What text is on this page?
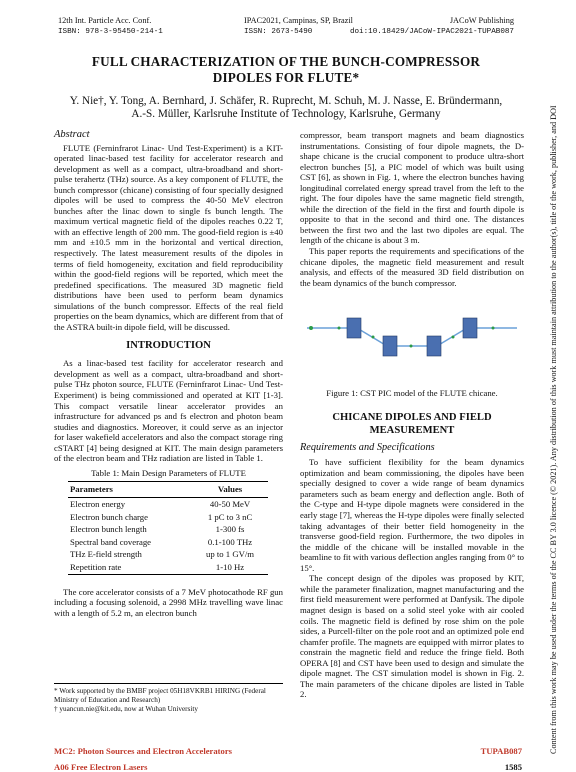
12th Int. Particle Acc. Conf.
ISBN: 978-3-95450-214-1
IPAC2021, Campinas, SP, Brazil
ISSN: 2673-5490
JACoW Publishing
doi:10.18429/JACoW-IPAC2021-TUPAB087
FULL CHARACTERIZATION OF THE BUNCH-COMPRESSOR
DIPOLES FOR FLUTE*
Y. Nie†, Y. Tong, A. Bernhard, J. Schäfer, R. Ruprecht, M. Schuh, M. J. Nasse, E. Bründermann,
A.-S. Müller, Karlsruhe Institute of Technology, Karlsruhe, Germany
Abstract

FLUTE (Ferninfrarot Linac- Und Test-Experiment) is a KIT-operated linac-based test facility for accelerator research and development as well as a compact, ultra-broadband and short-pulse terahertz (THz) source. As a key component of FLUTE, the bunch compressor (chicane) consisting of four specially designed dipoles will be used to compress the 40-50 MeV electron bunches after the linac down to single fs bunch length. The maximum vertical magnetic field of the dipoles reaches 0.22 T, with an effective length of 200 mm. The good-field region is ±40 mm and ±10.5 mm in the horizontal and vertical direction, respectively. The latest measurement results of the dipoles in terms of field homogeneity, excitation and field reproducibility within the good-field regions will be reported, which meet the predefined specifications. The measured 3D magnetic field distributions have been used to perform beam dynamics simulations of the bunch compressor. Effects of the real field properties on the beam dynamics, which are different from that of the ASTRA built-in dipole field, will be discussed.

INTRODUCTION

As a linac-based test facility for accelerator research and development as well as a compact, ultra-broadband and short-pulse THz photon source, FLUTE (Ferninfrarot Linac- Und Test-Experiment) is being commissioned and operated at KIT [1-3]. This compact versatile linear accelerator provides an infrastructure for advanced ps and fs electron and photon beam studies and diagnostics. Moreover, it could serve as an injector for laser wakefield accelerators and also the compact storage ring cSTART [4] being designed at KIT. The main design parameters of the electron beam and THz radiation are listed in Table 1.

Table 1: Main Design Parameters of FLUTE
Parameters	Values
Electron energy	40-50 MeV
Electron bunch charge	1 pC to 3 nC
Electron bunch length	1-300 fs
Spectral band coverage	0.1-100 THz
THz E-field strength	up to 1 GV/m
Repetition rate	1-10 Hz

The core accelerator consists of a 7 MeV photocathode RF gun including a focusing solenoid, a 2998 MHz travelling wave linac with a length of 5.2 m, an electron bunch

* Work supported by the BMBF project 05H18VKRB1 HIRING (Federal Ministry of Education and Research)
† yuancun.nie@kit.edu, now at Wuhan University

compressor, beam transport magnets and beam diagnostics instrumentations. Consisting of four dipole magnets, the D-shape chicane is the crucial component to produce ultra-short electron bunches [5], a PIC model of which was built using CST [6], as shown in Fig. 1, where the electron bunches having longitudinal correlated energy spread travel from the left to the right. The four dipoles have the same magnetic field strength, while the direction of the field in the first and fourth dipole is opposite to that in the second and third one. The distances between the first two and the last two dipoles are equal. The length of the chicane is about 3 m.

This paper reports the requirements and specifications of the chicane dipoles, the magnetic field measurement and result analysis, and effects of the measured 3D field distribution on the beam dynamics of the bunch compressor.

Figure 1: CST PIC model of the FLUTE chicane.
CHICANE DIPOLES AND FIELD MEASUREMENT
Requirements and Specifications

To have sufficient flexibility for the beam dynamics optimization and beam commissioning, the dipoles have been specially designed to cover a wide range of beam dynamics parameters such as beam energy and deflection angle. Both of the C-type and H-type dipole magnets were considered in the early stage [7], whereas the H-type dipoles were finally selected taking advantages of their better field homogeneity in the transverse good-field region. Furthermore, the two dipoles in the middle of the chicane will be installed movable in the beamline to fit with various deflection angles ranging from 0° to 15°.

The concept design of the dipoles was proposed by KIT, while the parameter finalization, magnet manufacturing and the first field measurement were performed at Danfysik. The dipole magnet design is based on a solid steel yoke with air cooled coils. The magnetic field is defined by rose shim on the pole sides, a Purcell-filter on the pole root and an optimized pole end chamfer profile. The magnets are equipped with mirror plates to constrain the magnetic field and reduce the fringe field. Both OPERA [8] and CST have been used to design and simulate the dipole magnet. The CST simulation model is shown in Fig. 2. The main parameters of the chicane dipoles are listed in Table 2.

MC2: Photon Sources and Electron Accelerators
A06 Free Electron Lasers
TUPAB087
1585
Content from this work may be used under the terms of the CC BY 3.0 licence (© 2021). Any distribution of this work must maintain attribution to the author(s), title of the work, publisher, and DOI
